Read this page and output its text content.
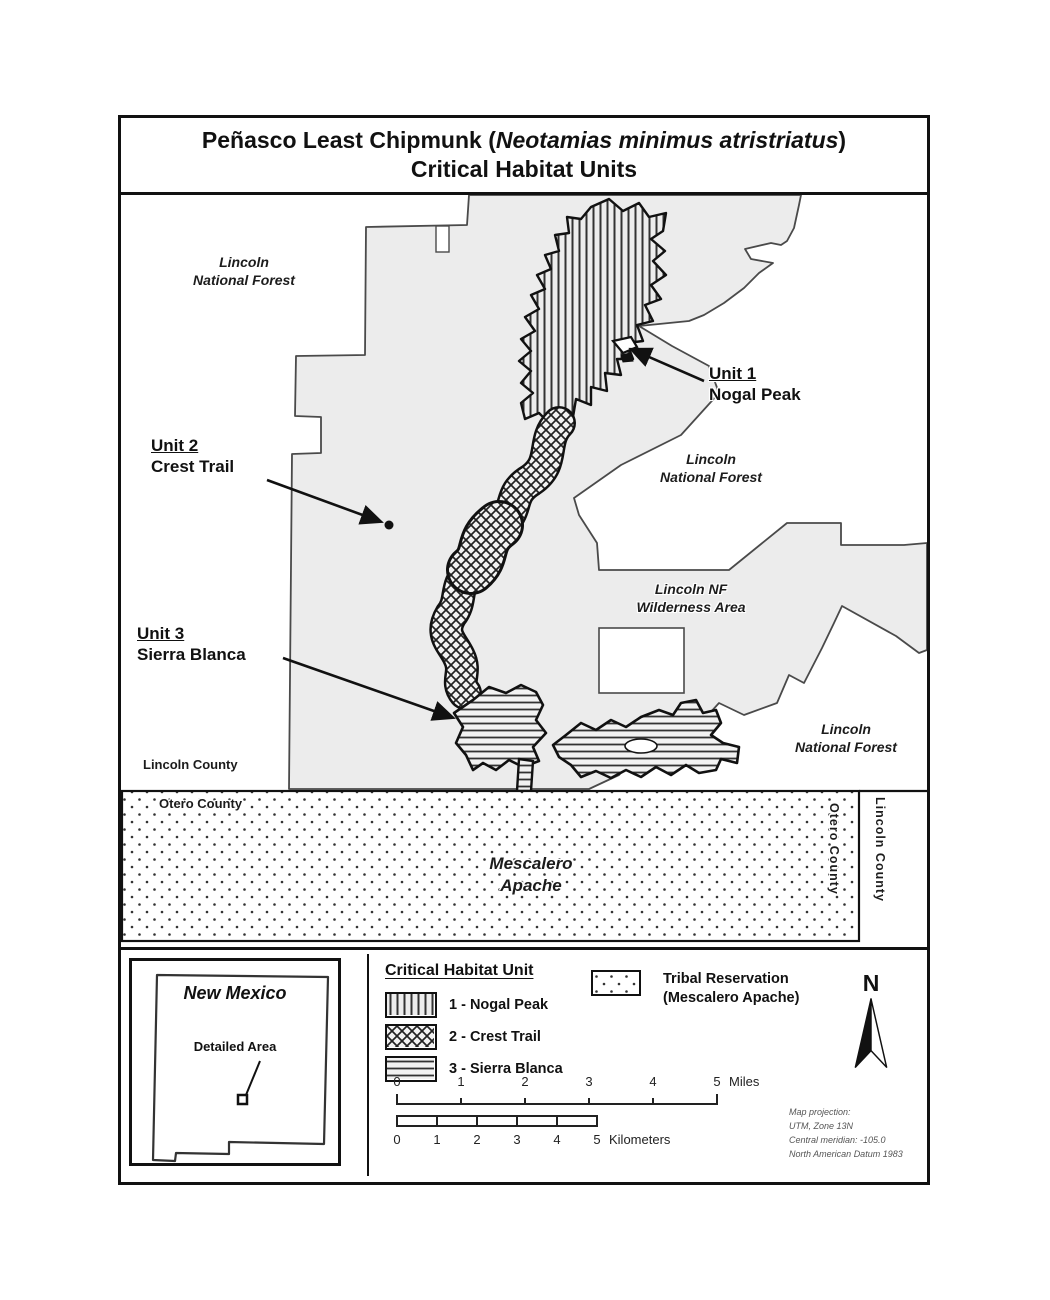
Peñasco Least Chipmunk (Neotamias minimus atristriatus)
Critical Habitat Units
Lincoln
National Forest
Lincoln
National Forest
Lincoln NF
Wilderness Area
Lincoln
National Forest
Lincoln County
Otero County
Mescalero
Apache	Otero County	Lincoln County
Unit 1
Nogal Peak
Unit 2
Crest Trail
Unit 3
Sierra Blanca
New Mexico
Detailed Area
Critical Habitat Unit
1 - Nogal Peak
2 - Crest Trail
3 - Sierra Blanca
Tribal Reservation
(Mescalero Apache)
N
0	1	2	3	4	5 Miles
0	1	2	3	4	5 Kilometers
Map projection:
UTM, Zone 13N
Central meridian: -105.0
North American Datum 1983
